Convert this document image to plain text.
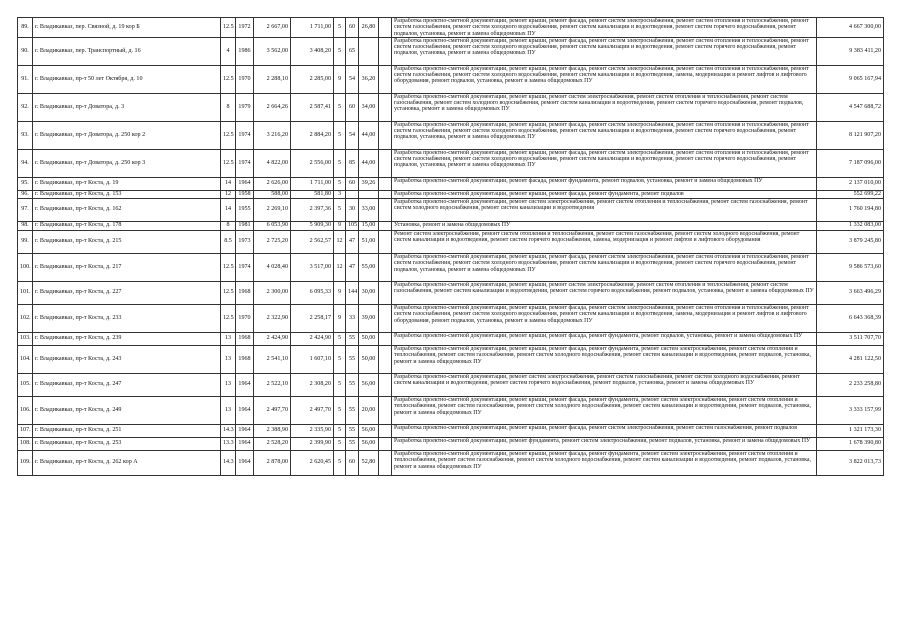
89.	г. Владикавказ, пер. Связной, д. 19 кор Б	12.5	1972	2 667,00	1 711,00	5	60	26,80		Разработка проектно-сметной документации, ремонт крыши, ремонт фасада, ремонт систем электроснабжения, ремонт систем отопления и теплоснабжения, ремонт систем газоснабжения, ремонт систем холодного водоснабжения, ремонт систем канализации и водоотведения, ремонт систем горячего водоснабжения, ремонт подвалов, установка, ремонт и замена общедомовых ПУ	4 667 300,00
90.	г. Владикавказ, пер. Транспортный, д. 16	4	1986	3 562,00	3 408,20	5	65			Разработка проектно-сметной документации, ремонт крыши, ремонт фасада, ремонт систем электроснабжения, ремонт систем отопления и теплоснабжения, ремонт систем газоснабжения, ремонт систем холодного водоснабжения, ремонт систем канализации и водоотведения, ремонт систем горячего водоснабжения, ремонт подвалов, установка, ремонт и замена общедомовых ПУ	9 383 411,20
91.	г. Владикавказ, пр-т 50 лет Октября, д. 10	12.5	1970	2 288,10	2 285,00	9	54	36,20		Разработка проектно-сметной документации, ремонт крыши, ремонт фасада, ремонт систем электроснабжения, ремонт систем отопления и теплоснабжения, ремонт систем газоснабжения, ремонт систем холодного водоснабжения, ремонт систем канализации и водоотведения, замена, модернизация и ремонт лифтов и лифтового оборудования, ремонт подвалов, установка, ремонт и замена общедомовых ПУ	9 065 167,94
92.	г. Владикавказ, пр-т Доватора, д. 3	8	1979	2 664,26	2 587,41	5	60	34,00		Разработка проектно-сметной документации, ремонт крыши, ремонт систем электроснабжения, ремонт систем отопления и теплоснабжения, ремонт систем газоснабжения, ремонт систем холодного водоснабжения, ремонт систем канализации и водоотведения, ремонт систем горячего водоснабжения, ремонт подвалов, установка, ремонт и замена общедомовых ПУ	4 547 688,72
93.	г. Владикавказ, пр-т Доватора, д. 250 кор 2	12.5	1974	3 216,20	2 884,20	5	54	44,00		Разработка проектно-сметной документации, ремонт крыши, ремонт фасада, ремонт систем электроснабжения, ремонт систем отопления и теплоснабжения, ремонт систем газоснабжения, ремонт систем холодного водоснабжения, ремонт систем канализации и водоотведения, ремонт систем горячего водоснабжения, ремонт подвалов, установка, ремонт и замена общедомовых ПУ	8 121 907,20
94.	г. Владикавказ, пр-т Доватора, д. 250 кор 3	12.5	1974	4 822,00	2 556,00	5	85	44,00		Разработка проектно-сметной документации, ремонт крыши, ремонт фасада, ремонт систем электроснабжения, ремонт систем отопления и теплоснабжения, ремонт систем газоснабжения, ремонт систем холодного водоснабжения, ремонт систем канализации и водоотведения, ремонт систем горячего водоснабжения, ремонт подвалов, установка, ремонт и замена общедомовых ПУ	7 187 096,00
95.	г. Владикавказ, пр-т Коста, д. 19	14	1964	2 626,00	1 711,00	5	60	39,26		Разработка проектно-сметной документации, ремонт фасада, ремонт фундамента, ремонт подвалов, установка, ремонт и замена общедомовых ПУ	2 137 010,00
96.	г. Владикавказ, пр-т Коста, д. 153	12	1958	588,00	581,80	3				Разработка проектно-сметной документации, ремонт крыши, ремонт фасада, ремонт фундамента, ремонт подвалов	552 699,22
97.	г. Владикавказ, пр-т Коста, д. 162	14	1955	2 269,10	2 397,36	5	30	33,00		Разработка проектно-сметной документации, ремонт систем электроснабжения, ремонт систем отопления и теплоснабжения, ремонт систем газоснабжения, ремонт систем холодного водоснабжения, ремонт систем канализации и водоотведения	1 760 194,80
98.	г. Владикавказ, пр-т Коста, д. 178	8	1981	6 053,90	5 909,30	9	105	15,00		Установка, ремонт и замена общедомовых ПУ	1 332 083,00
99.	г. Владикавказ, пр-т Коста, д. 215	8.5	1973	2 725,20	2 562,57	12	47	51,00		Ремонт систем электроснабжения, ремонт систем отопления и теплоснабжения, ремонт систем газоснабжения, ремонт систем холодного водоснабжения, ремонт систем канализации и водоотведения, ремонт систем горячего водоснабжения, замена, модернизация и ремонт лифтов и лифтового оборудования	3 879 245,80
100.	г. Владикавказ, пр-т Коста, д. 217	12.5	1974	4 028,40	3 517,00	12	47	55,00		Разработка проектно-сметной документации, ремонт крыши, ремонт фасада, ремонт систем электроснабжения, ремонт систем отопления и теплоснабжения, ремонт систем газоснабжения, ремонт систем холодного водоснабжения, ремонт систем канализации и водоотведения, ремонт систем горячего водоснабжения, ремонт подвалов, установка, ремонт и замена общедомовых ПУ	9 586 573,60
101.	г. Владикавказ, пр-т Коста, д. 227	12.5	1968	2 300,00	6 095,33	9	144	30,00		Разработка проектно-сметной документации, ремонт крыши, ремонт систем электроснабжения, ремонт систем отопления и теплоснабжения, ремонт систем газоснабжения, ремонт систем канализации и водоотведения, ремонт систем горячего водоснабжения, ремонт подвалов, установка, ремонт и замена общедомовых ПУ	3 663 496,29
102.	г. Владикавказ, пр-т Коста, д. 233	12.5	1970	2 322,90	2 258,17	9	33	39,00		Разработка проектно-сметной документации, ремонт крыши, ремонт фасада, ремонт систем электроснабжения, ремонт систем отопления и теплоснабжения, ремонт систем газоснабжения, ремонт систем холодного водоснабжения, ремонт систем канализации и водоотведения, замена, модернизация и ремонт лифтов и лифтового оборудования, ремонт подвалов, установка, ремонт и замена общедомовых ПУ	6 643 368,39
103.	г. Владикавказ, пр-т Коста, д. 239	13	1968	2 424,90	2 424,90	5	55	50,00		Разработка проектно-сметной документации, ремонт крыши, ремонт фасада, ремонт фундамента, ремонт подвалов, установка, ремонт и замена общедомовых ПУ	3 511 707,70
104.	г. Владикавказ, пр-т Коста, д. 243	13	1968	2 541,10	1 607,10	5	55	50,00		Разработка проектно-сметной документации, ремонт крыши, ремонт фасада, ремонт фундамента, ремонт систем электроснабжения, ремонт систем отопления и теплоснабжения, ремонт систем газоснабжения, ремонт систем холодного водоснабжения, ремонт систем канализации и водоотведения, ремонт подвалов, установка, ремонт и замена общедомовых ПУ	4 281 122,50
105.	г. Владикавказ, пр-т Коста, д. 247	13	1964	2 522,10	2 308,20	5	55	56,00		Разработка проектно-сметной документации, ремонт систем электроснабжения, ремонт систем газоснабжения, ремонт систем холодного водоснабжения, ремонт систем канализации и водоотведения, ремонт систем горячего водоснабжения, ремонт подвалов, установка, ремонт и замена общедомовых ПУ	2 233 258,80
106.	г. Владикавказ, пр-т Коста, д. 249	13	1964	2 497,70	2 497,70	5	55	20,00		Разработка проектно-сметной документации, ремонт крыши, ремонт фасада, ремонт фундамента, ремонт систем электроснабжения, ремонт систем отопления и теплоснабжения, ремонт систем газоснабжения, ремонт систем холодного водоснабжения, ремонт систем канализации и водоотведения, ремонт подвалов, установка, ремонт и замена общедомовых ПУ	3 333 157,99
107.	г. Владикавказ, пр-т Коста, д. 251	14.3	1964	2 388,90	2 335,90	5	55	56,00		Разработка проектно-сметной документации, ремонт крыши, ремонт фасада, ремонт систем электроснабжения, ремонт систем газоснабжения, ремонт подвалов	1 321 173,30
108.	г. Владикавказ, пр-т Коста, д. 253	13.3	1964	2 528,20	2 399,90	5	55	56,00		Разработка проектно-сметной документации, ремонт фундамента, ремонт систем электроснабжения, ремонт подвалов, установка, ремонт и замена общедомовых ПУ	1 678 390,80
109.	г. Владикавказ, пр-т Коста, д. 262 кор А	14.3	1964	2 878,00	2 620,45	5	60	52,80		Разработка проектно-сметной документации, ремонт крыши, ремонт фасада, ремонт фундамента, ремонт систем электроснабжения, ремонт систем отопления и теплоснабжения, ремонт систем газоснабжения, ремонт систем холодного водоснабжения, ремонт систем канализации и водоотведения, ремонт подвалов, установка, ремонт и замена общедомовых ПУ	3 822 013,73
